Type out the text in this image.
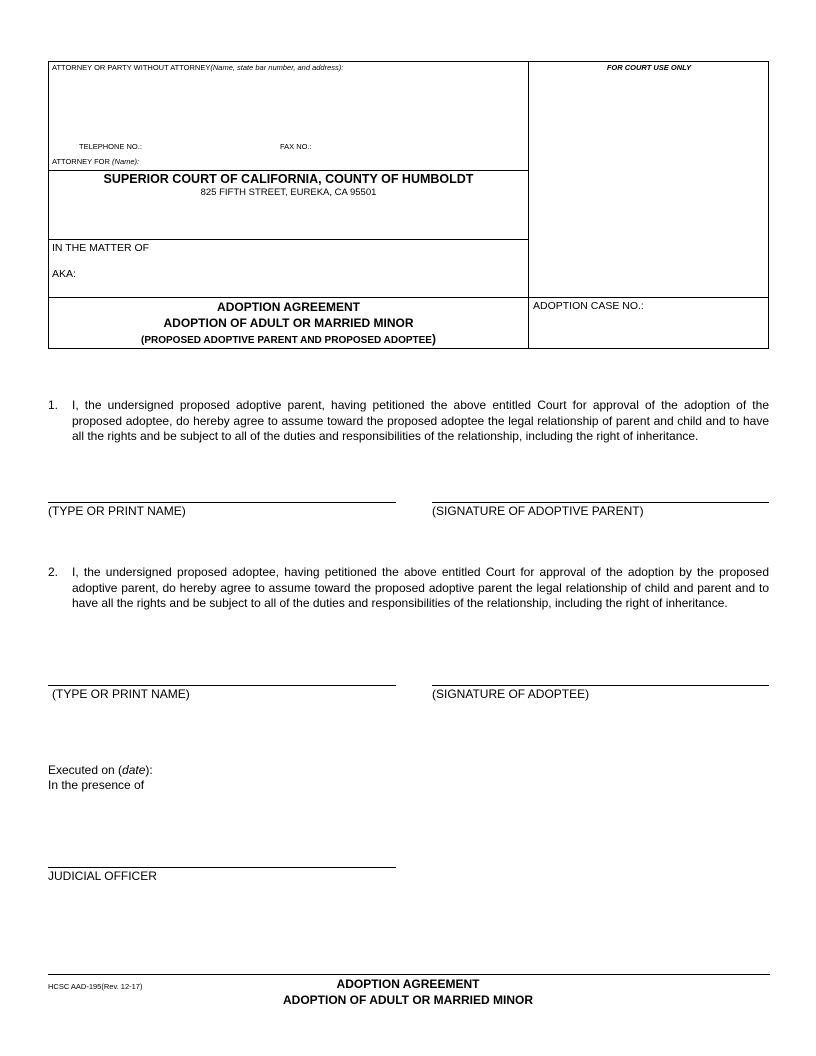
ATTORNEY OR PARTY WITHOUT ATTORNEY(Name, state bar number, and address):	FOR COURT USE ONLY
TELEPHONE NO.:	FAX NO.:
ATTORNEY FOR (Name):
SUPERIOR COURT OF CALIFORNIA, COUNTY OF HUMBOLDT
825 FIFTH STREET, EUREKA, CA 95501
IN THE MATTER OF
AKA:
ADOPTION AGREEMENT
ADOPTION OF ADULT OR MARRIED MINOR
(PROPOSED ADOPTIVE PARENT AND PROPOSED ADOPTEE)
ADOPTION CASE NO.:
1. I, the undersigned proposed adoptive parent, having petitioned the above entitled Court for approval of the adoption of the proposed adoptee, do hereby agree to assume toward the proposed adoptee the legal relationship of parent and child and to have all the rights and be subject to all of the duties and responsibilities of the relationship, including the right of inheritance.
(TYPE OR PRINT NAME)	(SIGNATURE OF ADOPTIVE PARENT)
2. I, the undersigned proposed adoptee, having petitioned the above entitled Court for approval of the adoption by the proposed adoptive parent, do hereby agree to assume toward the proposed adoptive parent the legal relationship of child and parent and to have all the rights and be subject to all of the duties and responsibilities of the relationship, including the right of inheritance.
(TYPE OR PRINT NAME)	(SIGNATURE OF ADOPTEE)
Executed on (date):
In the presence of
JUDICIAL OFFICER
HCSC AAD-195(Rev. 12-17)	ADOPTION AGREEMENT
ADOPTION OF ADULT OR MARRIED MINOR
